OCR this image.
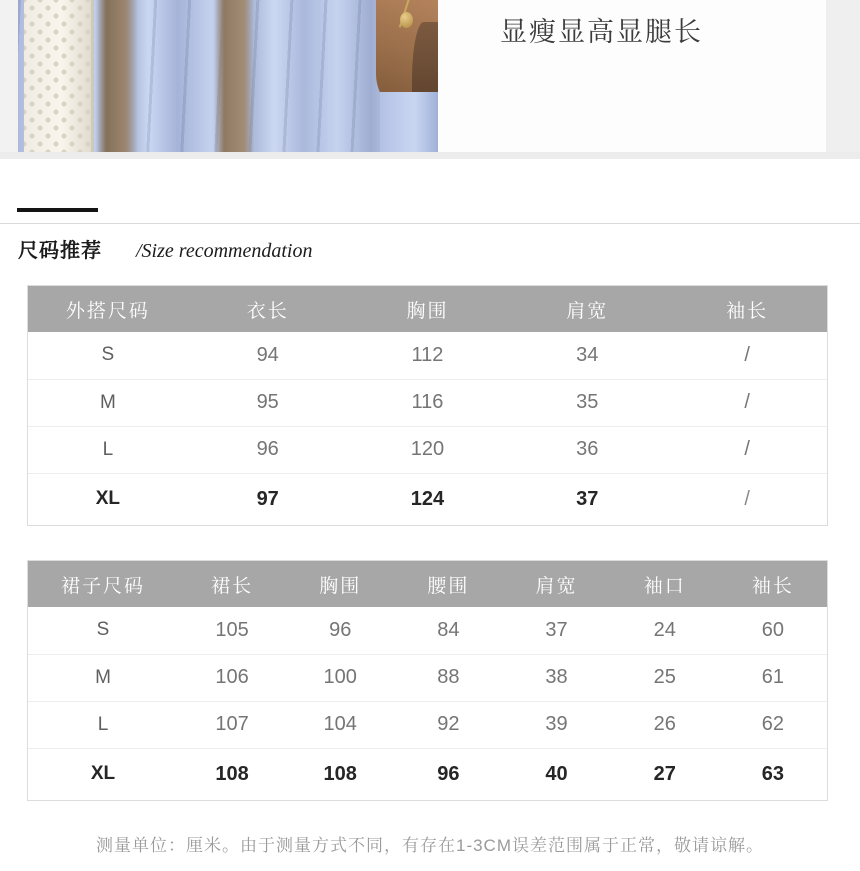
显瘦显高显腿长
尺码推荐 /Size recommendation
外搭尺码	衣长	胸围	肩宽	袖长
S	94	112	34	/
M	95	116	35	/
L	96	120	36	/
XL	97	124	37	/
裙子尺码	裙长	胸围	腰围	肩宽	袖口	袖长
S	105	96	84	37	24	60
M	106	100	88	38	25	61
L	107	104	92	39	26	62
XL	108	108	96	40	27	63
测量单位：厘米。由于测量方式不同，有存在1-3CM误差范围属于正常，敬请谅解。
